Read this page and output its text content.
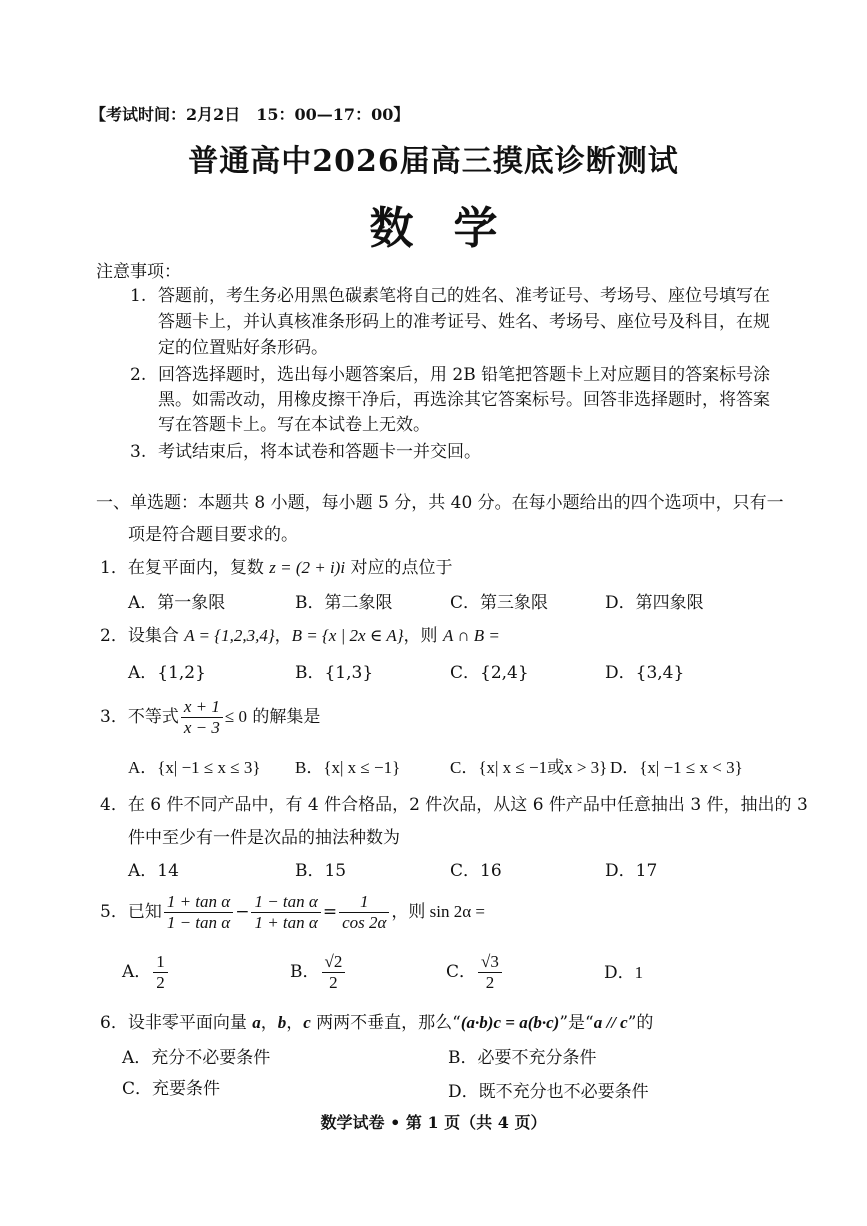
【考试时间：2月2日　15：00—17：00】
普通高中2026届高三摸底诊断测试
数学
注意事项：
1. 答题前，考生务必用黑色碳素笔将自己的姓名、准考证号、考场号、座位号填写在
答题卡上，并认真核准条形码上的准考证号、姓名、考场号、座位号及科目，在规
定的位置贴好条形码。
2. 回答选择题时，选出每小题答案后，用 2B 铅笔把答题卡上对应题目的答案标号涂
黑。如需改动，用橡皮擦干净后，再选涂其它答案标号。回答非选择题时，将答案
写在答题卡上。写在本试卷上无效。
3. 考试结束后，将本试卷和答题卡一并交回。
一、单选题：本题共 8 小题，每小题 5 分，共 40 分。在每小题给出的四个选项中，只有一
项是符合题目要求的。
1．在复平面内，复数 z = (2 + i)i 对应的点位于
A．第一象限	B．第二象限	C．第三象限	D．第四象限
2．设集合 A = {1,2,3,4}，B = {x | 2x ∈ A}，则 A ∩ B =
A．{1,2}	B．{1,3}	C．{2,4}	D．{3,4}
3．不等式 $\frac{x + 1}{x - 3} \le 0$ 的解集是
A．{x| −1 ≤ x ≤ 3} B．{x| x ≤ −1}	C．{x| x ≤ −1或x > 3} D．{x| −1 ≤ x < 3}
4．在 6 件不同产品中，有 4 件合格品，2 件次品，从这 6 件产品中任意抽出 3 件，抽出的 3
件中至少有一件是次品的抽法种数为
A．14	B．15	C．16	D．17
5．已知 $\frac{\text{1 + tan α}}{\text{1 − tan α}} - \frac{\text{1 − tan α}}{\text{1 + tan α}} = \frac{1}{\cos 2\alpha}$ ，则 sin 2α =
A． $\frac{1}{2}$	B． $\frac{√2}{2}$	C． $\frac{√3}{2}$	D．1
6．设非零平面向量 a，b，c 两两不垂直，那么“(a·b)c = a(b·c)”是“a // c”的
A．充分不必要条件	B．必要不充分条件
C．充要条件	D．既不充分也不必要条件
数学试卷 • 第 1 页（共 4 页）
